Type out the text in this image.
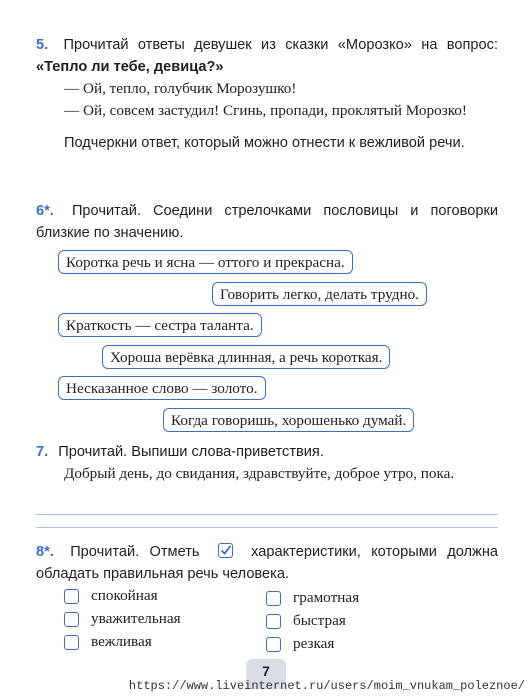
5. Прочитай ответы девушек из сказки «Морозко» на вопрос: «Тепло ли тебе, девица?»
— Ой, тепло, голубчик Морозушко!
— Ой, совсем застудил! Сгинь, пропади, проклятый Морозко!
Подчеркни ответ, который можно отнести к вежливой речи.
6*. Прочитай. Соедини стрелочками пословицы и поговорки близкие по значению.
Коротка речь и ясна — оттого и прекрасна.
Говорить легко, делать трудно.
Краткость — сестра таланта.
Хороша верёвка длинная, а речь короткая.
Несказанное слово — золото.
Когда говоришь, хорошенько думай.
7. Прочитай. Выпиши слова-приветствия.
Добрый день, до свидания, здравствуйте, доброе утро, пока.
8*. Прочитай. Отметь	характеристики, которыми должна обладать правильная речь человека.
спокойная
уважительная
вежливая
грамотная
быстрая
резкая
7
https://www.liveinternet.ru/users/moim_vnukam_poleznoe/
